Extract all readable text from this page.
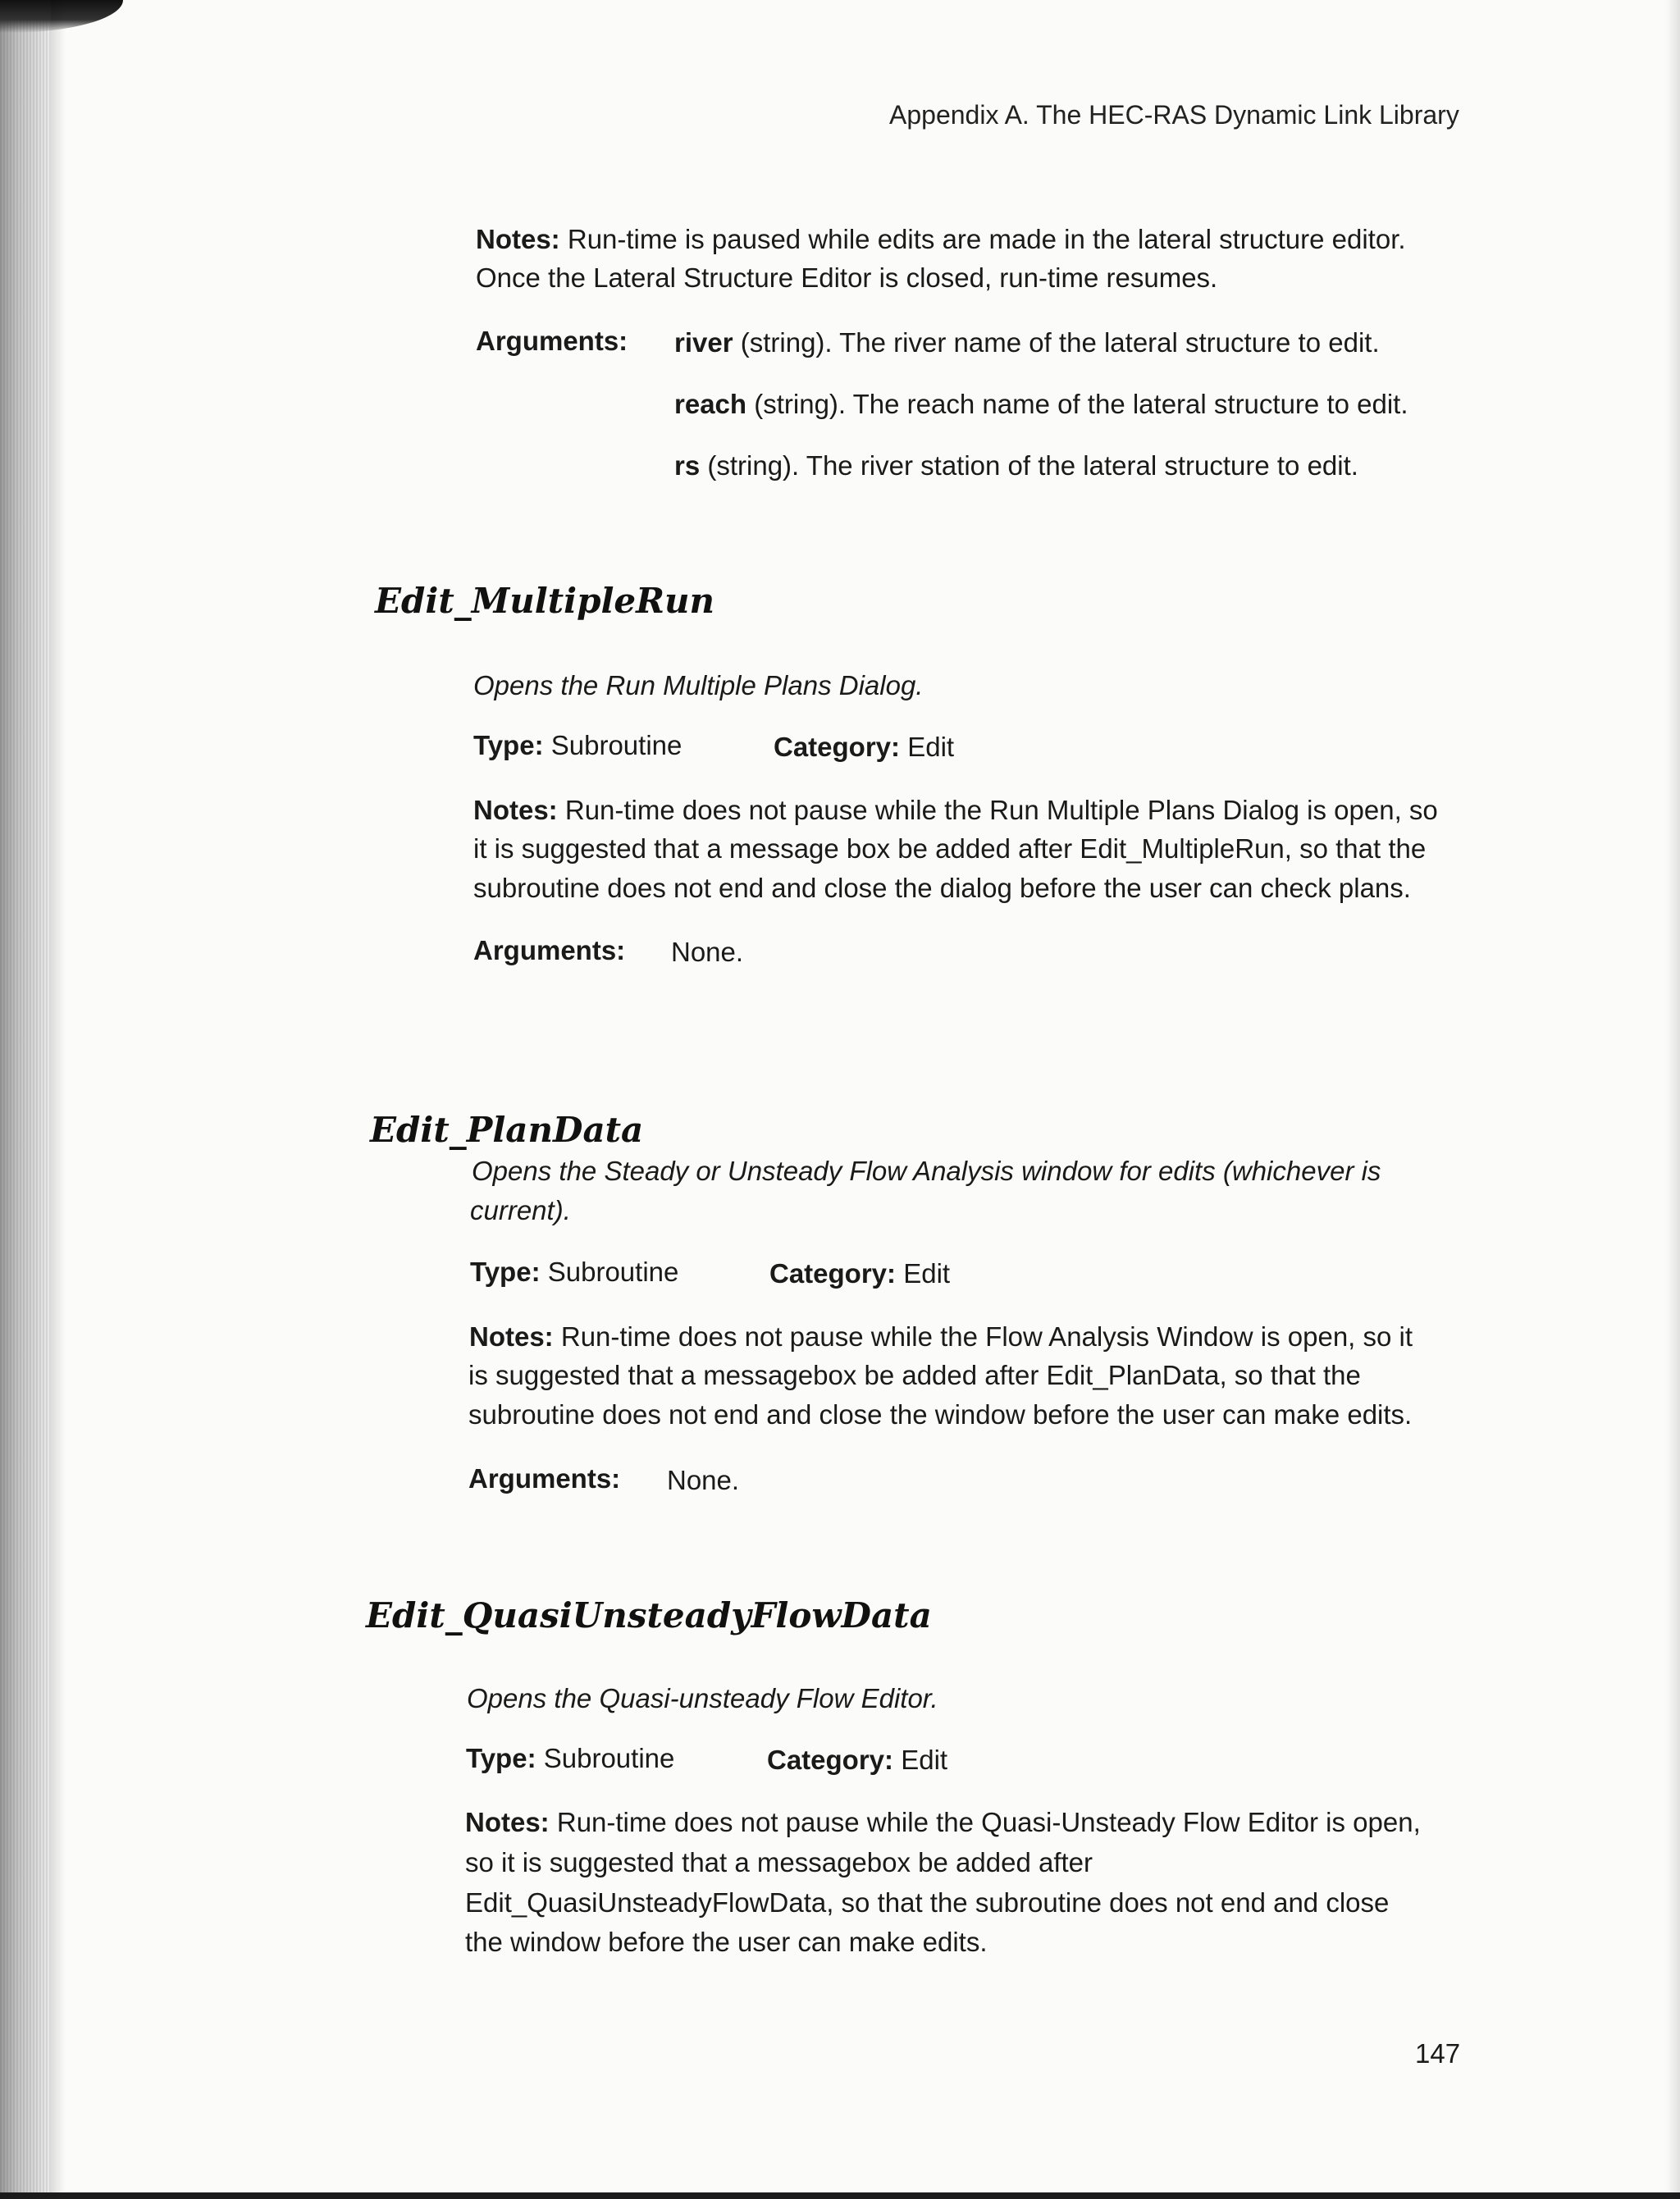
Appendix A. The HEC-RAS Dynamic Link Library
Notes: Run-time is paused while edits are made in the lateral structure editor.
Once the Lateral Structure Editor is closed, run-time resumes.
Arguments: river (string). The river name of the lateral structure to edit.
reach (string). The reach name of the lateral structure to edit.
rs (string). The river station of the lateral structure to edit.
Edit_MultipleRun
Opens the Run Multiple Plans Dialog.
Type: Subroutine	Category: Edit
Notes: Run-time does not pause while the Run Multiple Plans Dialog is open, so
it is suggested that a message box be added after Edit_MultipleRun, so that the
subroutine does not end and close the dialog before the user can check plans.
Arguments: None.
Edit_PlanData
Opens the Steady or Unsteady Flow Analysis window for edits (whichever is
current).
Type: Subroutine	Category: Edit
Notes: Run-time does not pause while the Flow Analysis Window is open, so it
is suggested that a messagebox be added after Edit_PlanData, so that the
subroutine does not end and close the window before the user can make edits.
Arguments: None.
Edit_QuasiUnsteadyFlowData
Opens the Quasi-unsteady Flow Editor.
Type: Subroutine	Category: Edit
Notes: Run-time does not pause while the Quasi-Unsteady Flow Editor is open,
so it is suggested that a messagebox be added after
Edit_QuasiUnsteadyFlowData, so that the subroutine does not end and close
the window before the user can make edits.
147
